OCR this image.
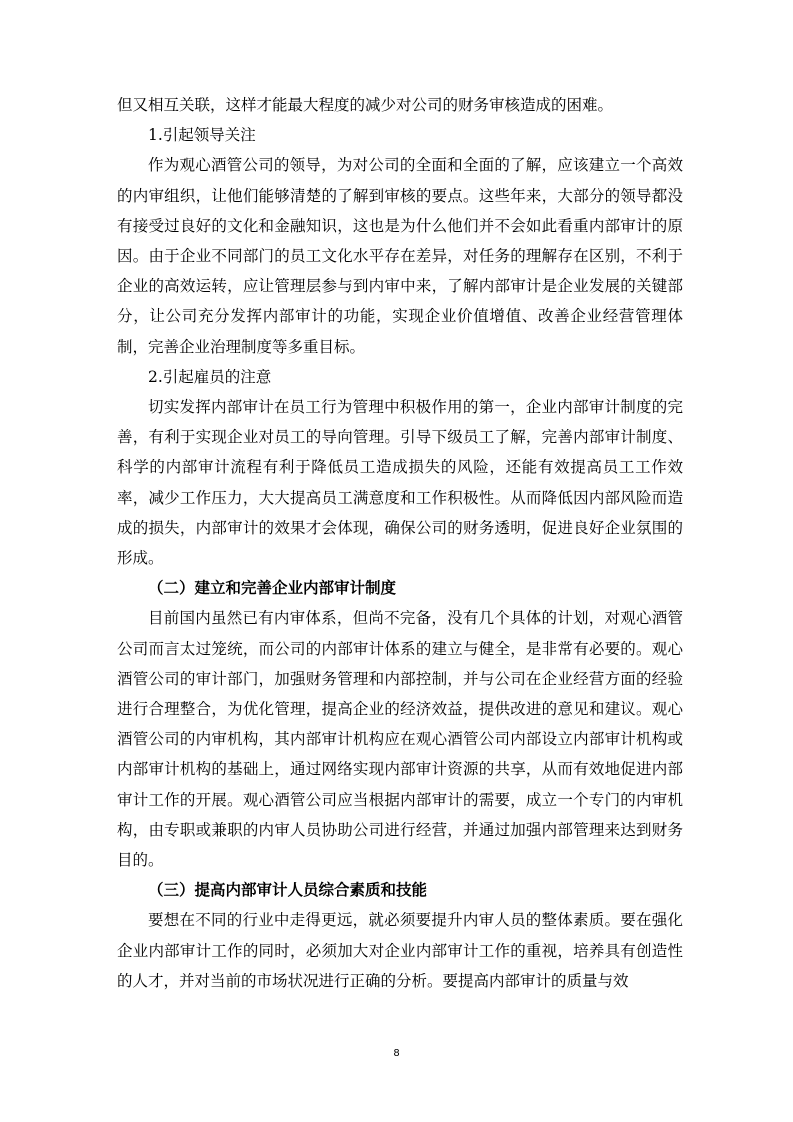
但又相互关联，这样才能最大程度的减少对公司的财务审核造成的困难。

1.引起领导关注

作为观心酒管公司的领导，为对公司的全面和全面的了解，应该建立一个高效的内审组织，让他们能够清楚的了解到审核的要点。这些年来，大部分的领导都没有接受过良好的文化和金融知识，这也是为什么他们并不会如此看重内部审计的原因。由于企业不同部门的员工文化水平存在差异，对任务的理解存在区别，不利于企业的高效运转，应让管理层参与到内审中来，了解内部审计是企业发展的关键部分，让公司充分发挥内部审计的功能，实现企业价值增值、改善企业经营管理体制，完善企业治理制度等多重目标。

2.引起雇员的注意

切实发挥内部审计在员工行为管理中积极作用的第一，企业内部审计制度的完善，有利于实现企业对员工的导向管理。引导下级员工了解，完善内部审计制度、科学的内部审计流程有利于降低员工造成损失的风险，还能有效提高员工工作效率，减少工作压力，大大提高员工满意度和工作积极性。从而降低因内部风险而造成的损失，内部审计的效果才会体现，确保公司的财务透明，促进良好企业氛围的形成。

（二）建立和完善企业内部审计制度

目前国内虽然已有内审体系，但尚不完备，没有几个具体的计划，对观心酒管公司而言太过笼统，而公司的内部审计体系的建立与健全，是非常有必要的。观心酒管公司的审计部门，加强财务管理和内部控制，并与公司在企业经营方面的经验进行合理整合，为优化管理，提高企业的经济效益，提供改进的意见和建议。观心酒管公司的内审机构，其内部审计机构应在观心酒管公司内部设立内部审计机构或内部审计机构的基础上，通过网络实现内部审计资源的共享，从而有效地促进内部审计工作的开展。观心酒管公司应当根据内部审计的需要，成立一个专门的内审机构，由专职或兼职的内审人员协助公司进行经营，并通过加强内部管理来达到财务目的。

（三）提高内部审计人员综合素质和技能

要想在不同的行业中走得更远，就必须要提升内审人员的整体素质。要在强化企业内部审计工作的同时，必须加大对企业内部审计工作的重视，培养具有创造性的人才，并对当前的市场状况进行正确的分析。要提高内部审计的质量与效

8
